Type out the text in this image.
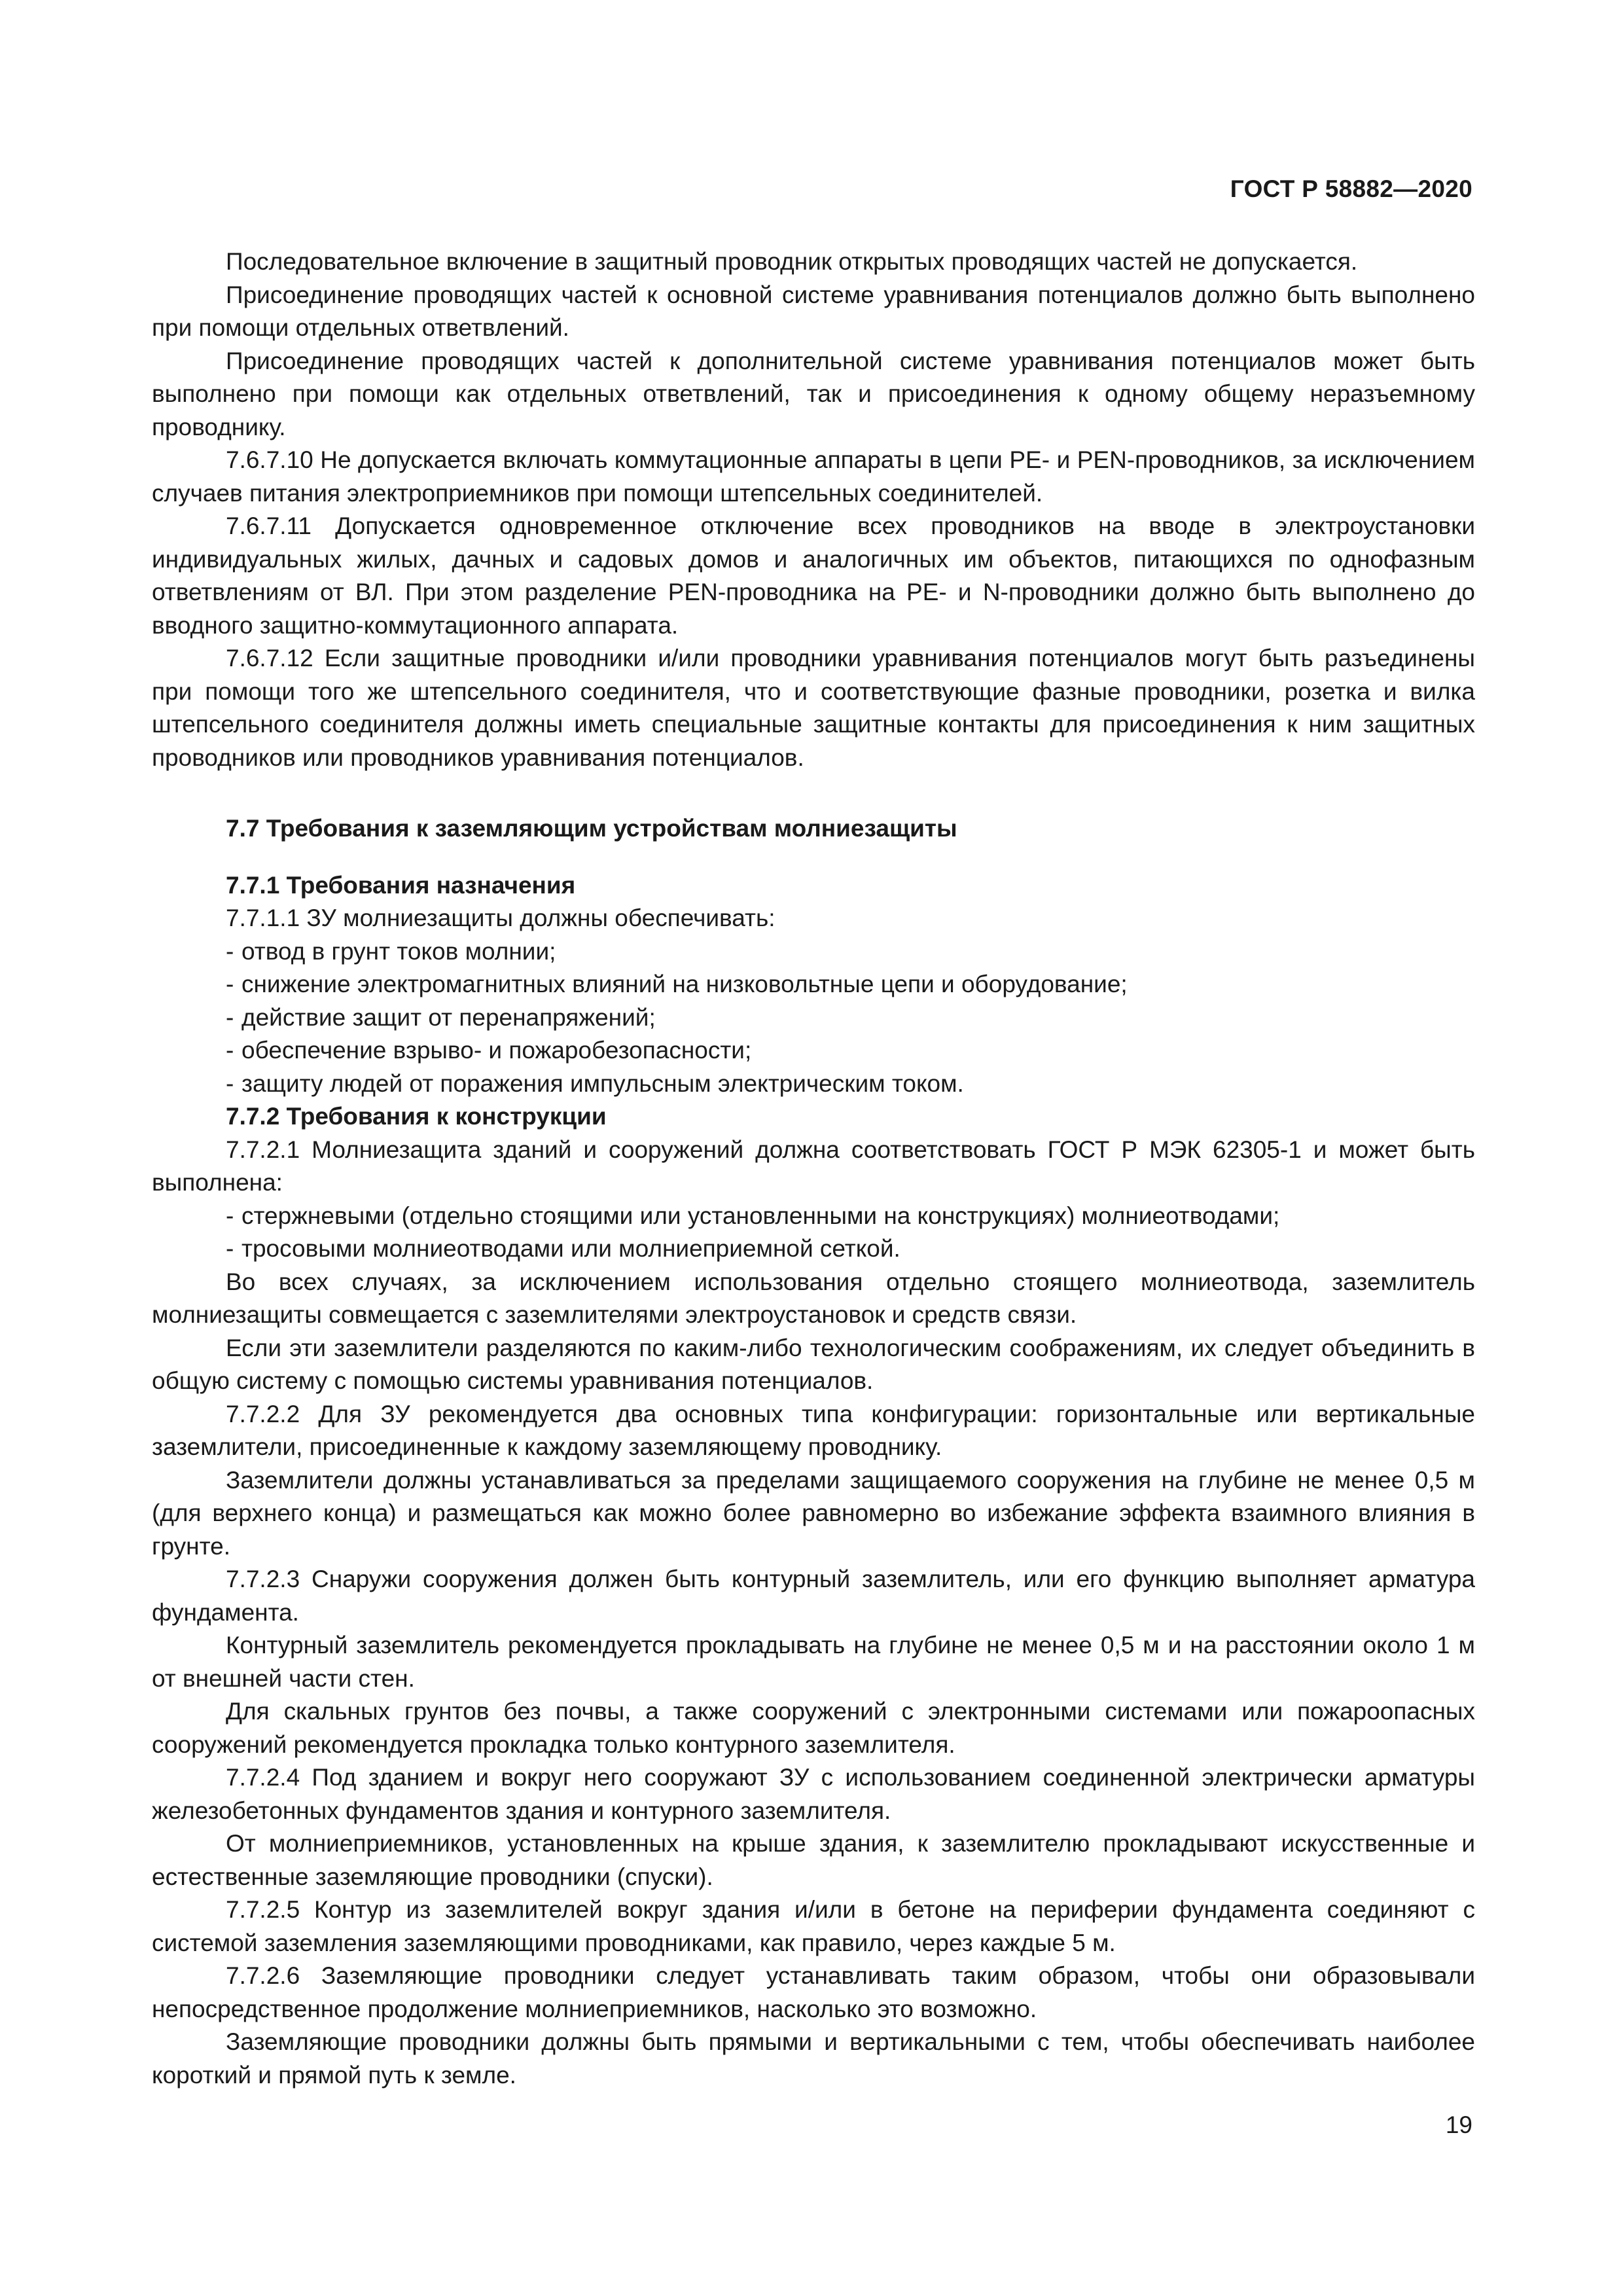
ГОСТ Р 58882—2020

Последовательное включение в защитный проводник открытых проводящих частей не допускается.

Присоединение проводящих частей к основной системе уравнивания потенциалов должно быть выполнено при помощи отдельных ответвлений.

Присоединение проводящих частей к дополнительной системе уравнивания потенциалов может быть выполнено при помощи как отдельных ответвлений, так и присоединения к одному общему неразъемному проводнику.

7.6.7.10 Не допускается включать коммутационные аппараты в цепи PE- и PEN-проводников, за исключением случаев питания электроприемников при помощи штепсельных соединителей.

7.6.7.11 Допускается одновременное отключение всех проводников на вводе в электроустановки индивидуальных жилых, дачных и садовых домов и аналогичных им объектов, питающихся по однофазным ответвлениям от ВЛ. При этом разделение PEN-проводника на PE- и N-проводники должно быть выполнено до вводного защитно-коммутационного аппарата.

7.6.7.12 Если защитные проводники и/или проводники уравнивания потенциалов могут быть разъединены при помощи того же штепсельного соединителя, что и соответствующие фазные проводники, розетка и вилка штепсельного соединителя должны иметь специальные защитные контакты для присоединения к ним защитных проводников или проводников уравнивания потенциалов.

7.7 Требования к заземляющим устройствам молниезащиты
7.7.1 Требования назначения

7.7.1.1 ЗУ молниезащиты должны обеспечивать:

- отвод в грунт токов молнии;
- снижение электромагнитных влияний на низковольтные цепи и оборудование;
- действие защит от перенапряжений;
- обеспечение взрыво- и пожаробезопасности;
- защиту людей от поражения импульсным электрическим током.
7.7.2 Требования к конструкции

7.7.2.1 Молниезащита зданий и сооружений должна соответствовать ГОСТ Р МЭК 62305-1 и может быть выполнена:

- стержневыми (отдельно стоящими или установленными на конструкциях) молниеотводами;
- тросовыми молниеотводами или молниеприемной сеткой.

Во всех случаях, за исключением использования отдельно стоящего молниеотвода, заземлитель молниезащиты совмещается с заземлителями электроустановок и средств связи.

Если эти заземлители разделяются по каким-либо технологическим соображениям, их следует объединить в общую систему с помощью системы уравнивания потенциалов.

7.7.2.2 Для ЗУ рекомендуется два основных типа конфигурации: горизонтальные или вертикальные заземлители, присоединенные к каждому заземляющему проводнику.

Заземлители должны устанавливаться за пределами защищаемого сооружения на глубине не менее 0,5 м (для верхнего конца) и размещаться как можно более равномерно во избежание эффекта взаимного влияния в грунте.

7.7.2.3 Снаружи сооружения должен быть контурный заземлитель, или его функцию выполняет арматура фундамента.

Контурный заземлитель рекомендуется прокладывать на глубине не менее 0,5 м и на расстоянии около 1 м от внешней части стен.

Для скальных грунтов без почвы, а также сооружений с электронными системами или пожароопасных сооружений рекомендуется прокладка только контурного заземлителя.

7.7.2.4 Под зданием и вокруг него сооружают ЗУ с использованием соединенной электрически арматуры железобетонных фундаментов здания и контурного заземлителя.

От молниеприемников, установленных на крыше здания, к заземлителю прокладывают искусственные и естественные заземляющие проводники (спуски).

7.7.2.5 Контур из заземлителей вокруг здания и/или в бетоне на периферии фундамента соединяют с системой заземления заземляющими проводниками, как правило, через каждые 5 м.

7.7.2.6 Заземляющие проводники следует устанавливать таким образом, чтобы они образовывали непосредственное продолжение молниеприемников, насколько это возможно.

Заземляющие проводники должны быть прямыми и вертикальными с тем, чтобы обеспечивать наиболее короткий и прямой путь к земле.

19
